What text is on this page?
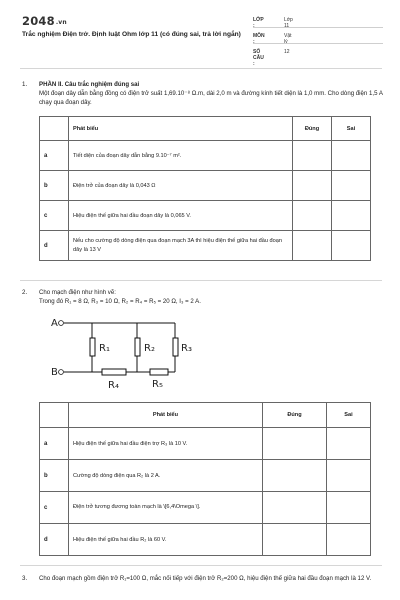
2048.vn
Trắc nghiệm Điện trở. Định luật Ohm lớp 11 (có đúng sai, trả lời ngắn)
LỚP :
Lớp 11
MÔN :
Vật lý
SỐ CÂU :
12
1. PHẦN II. Câu trắc nghiệm đúng sai
Một đoạn dây dẫn bằng đồng có điện trở suất 1,69.10⁻⁸ Ω.m, dài 2,0 m và đường kính tiết diện là 1,0 mm. Cho dòng điện 1,5 A chạy qua đoạn dây.
	Phát biểu	Đúng	Sai
a	Tiết diện của đoạn dây dẫn bằng 9.10⁻⁷ m².		
b	Điện trở của đoạn dây là 0,043 Ω		
c	Hiệu điện thế giữa hai đầu đoạn dây là 0,065 V.		
d	Nếu cho cường độ dòng điện qua đoạn mạch 3A thì hiệu điện thế giữa hai đầu đoạn dây là 13 V		
2. Cho mạch điện như hình vẽ:
Trong đó R₁ = 8 Ω, R₃ = 10 Ω, R₂ = R₄ = R₅ = 20 Ω, I₃ = 2 A.
A
B
R₁	R₂	R₃
R₄	R₅
	Phát biểu	Đúng	Sai
a	Hiệu điện thế giữa hai đầu điện trợ R₃ là 10 V.		
b	Cường độ dòng điện qua R₂ là 2 A.		
c	Điện trở tương đương toàn mạch là \[6,4\Omega \].		
d	Hiệu điện thế giữa hai đầu R₂ là 60 V.		
3. Cho đoạn mạch gồm điện trở R₁=100 Ω, mắc nối tiếp với điện trở R₂=200 Ω, hiệu điện thế giữa hai đầu đoạn mạch là 12 V.
